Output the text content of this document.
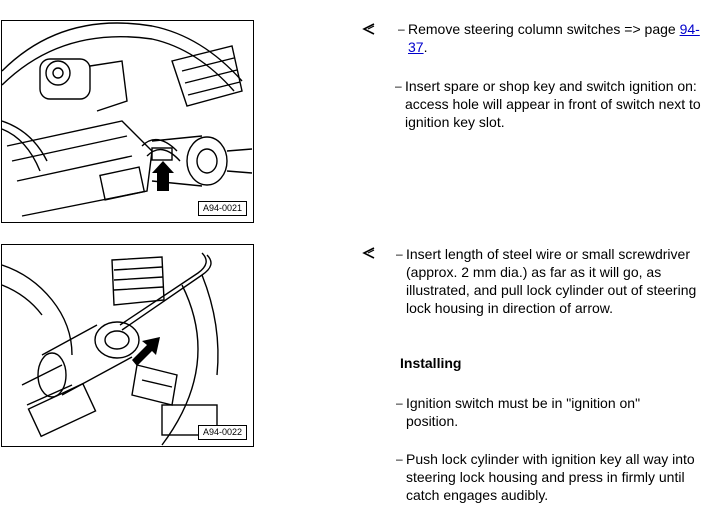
A94-0021
A94-0022
– Remove steering column switches => page 94-37.
– Insert spare or shop key and switch ignition on: access hole will appear in front of switch next to ignition key slot.
– Insert length of steel wire or small screwdriver (approx. 2 mm dia.) as far as it will go, as illustrated, and pull lock cylinder out of steering lock housing in direction of arrow.
Installing
– Ignition switch must be in "ignition on" position.
– Push lock cylinder with ignition key all way into steering lock housing and press in firmly until catch engages audibly.
